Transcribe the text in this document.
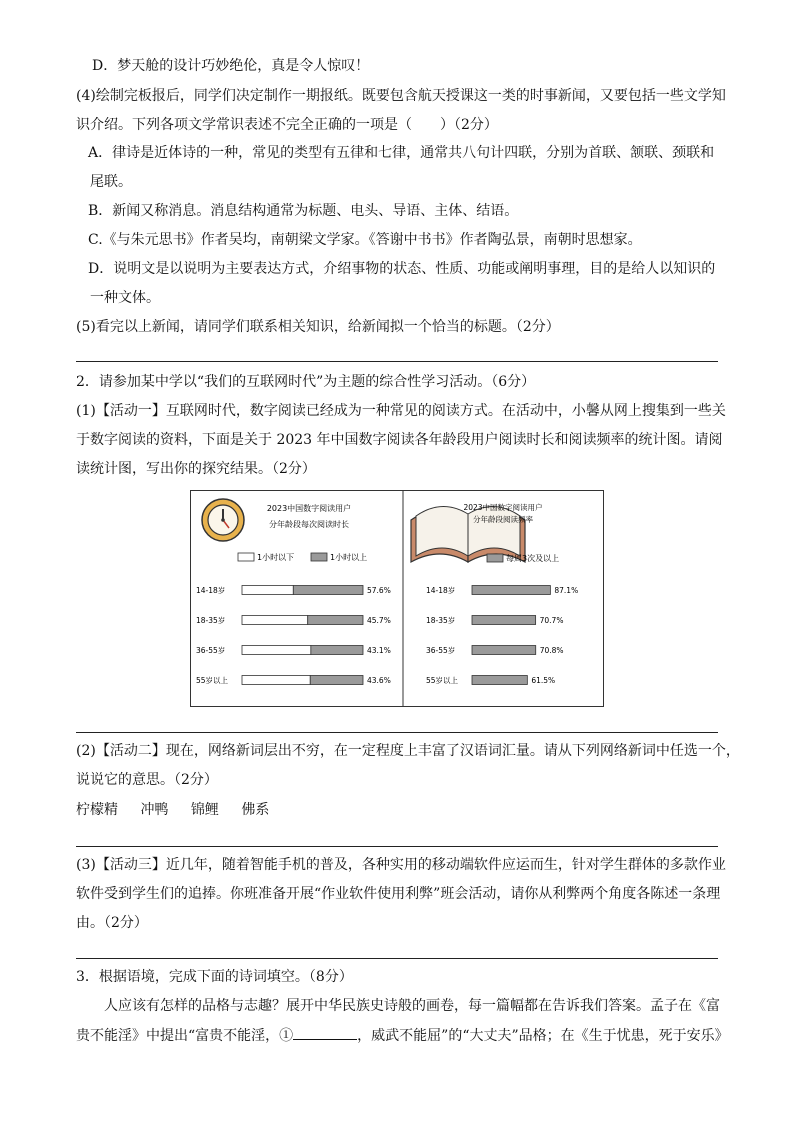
D．梦天舱的设计巧妙绝伦，真是令人惊叹！
(4)绘制完板报后，同学们决定制作一期报纸。既要包含航天授课这一类的时事新闻，又要包括一些文学知
识介绍。下列各项文学常识表述不完全正确的一项是（　　）（2分）
A．律诗是近体诗的一种，常见的类型有五律和七律，通常共八句计四联，分别为首联、颔联、颈联和
尾联。
B．新闻又称消息。消息结构通常为标题、电头、导语、主体、结语。
C.《与朱元思书》作者吴均，南朝梁文学家。《答谢中书书》作者陶弘景，南朝时思想家。
D．说明文是以说明为主要表达方式，介绍事物的状态、性质、功能或阐明事理，目的是给人以知识的
一种文体。
(5)看完以上新闻，请同学们联系相关知识，给新闻拟一个恰当的标题。（2分）
2．请参加某中学以“我们的互联网时代”为主题的综合性学习活动。（6分）
(1)【活动一】互联网时代，数字阅读已经成为一种常见的阅读方式。在活动中，小馨从网上搜集到一些关
于数字阅读的资料，下面是关于 2023 年中国数字阅读各年龄段用户阅读时长和阅读频率的统计图。请阅
读统计图，写出你的探究结果。（2分）
2023中国数字阅读用户
分年龄段每次阅读时长
1小时以下	1小时以上
14-18岁	57.6%
18-35岁	45.7%
36-55岁	43.1%
55岁以上	43.6%
2023中国数字阅读用户
分年龄段阅读频率
每周3次及以上
14-18岁	87.1%
18-35岁	70.7%
36-55岁	70.8%
55岁以上	61.5%
(2)【活动二】现在，网络新词层出不穷，在一定程度上丰富了汉语词汇量。请从下列网络新词中任选一个，
说说它的意思。（2分）
柠檬精 冲鸭 锦鲤 佛系
(3)【活动三】近几年，随着智能手机的普及，各种实用的移动端软件应运而生，针对学生群体的多款作业
软件受到学生们的追捧。你班准备开展“作业软件使用利弊”班会活动，请你从利弊两个角度各陈述一条理
由。（2分）
3．根据语境，完成下面的诗词填空。（8分）
人应该有怎样的品格与志趣？展开中华民族史诗般的画卷，每一篇幅都在告诉我们答案。孟子在《富
贵不能淫》中提出“富贵不能淫，①	，威武不能屈”的“大丈夫”品格；在《生于忧患，死于安乐》
